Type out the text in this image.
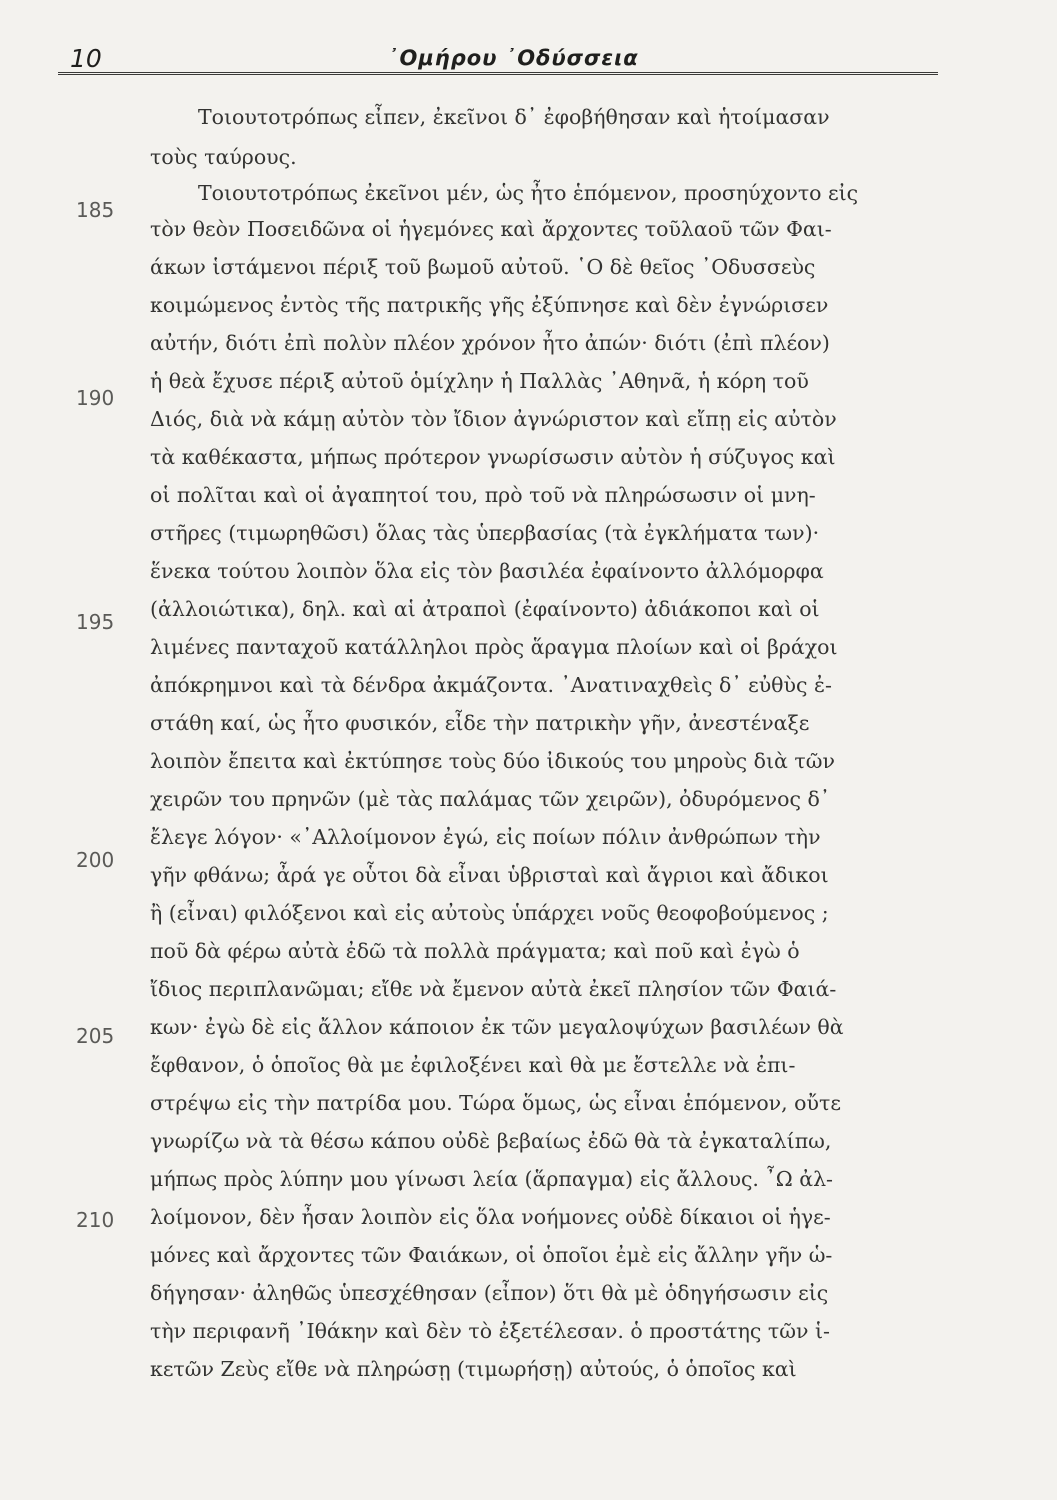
10	᾿Ομήρου ᾿Οδύσσεια
185
190
195
200
205
210
Τοιουτοτρόπως εἶπεν, ἐκεῖνοι δ᾿ ἐφοβήθησαν καὶ ἡτοίμασαν
τοὺς ταύρους.
Τοιουτοτρόπως ἐκεῖνοι μέν, ὡς ἦτο ἑπόμενον, προσηύχοντο εἰς
τὸν θεὸν Ποσειδῶνα οἱ ἡγεμόνες καὶ ἄρχοντες τοῦλαοῦ τῶν Φαι-
άκων ἱστάμενοι πέριξ τοῦ βωμοῦ αὐτοῦ. ῾Ο δὲ θεῖος ᾿Οδυσσεὺς
κοιμώμενος ἐντὸς τῆς πατρικῆς γῆς ἐξύπνησε καὶ δὲν ἐγνώρισεν
αὐτήν, διότι ἐπὶ πολὺν πλέον χρόνον ἦτο ἀπών· διότι (ἐπὶ πλέον)
ἡ θεὰ ἔχυσε πέριξ αὐτοῦ ὁμίχλην ἡ Παλλὰς ᾿Αθηνᾶ, ἡ κόρη τοῦ
Διός, διὰ νὰ κάμῃ αὐτὸν τὸν ἴδιον ἀγνώριστον καὶ εἴπῃ εἰς αὐτὸν
τὰ καθέκαστα, μήπως πρότερον γνωρίσωσιν αὐτὸν ἡ σύζυγος καὶ
οἱ πολῖται καὶ οἱ ἀγαπητοί του, πρὸ τοῦ νὰ πληρώσωσιν οἱ μνη-
στῆρες (τιμωρηθῶσι) ὅλας τὰς ὑπερβασίας (τὰ ἐγκλήματα των)·
ἕνεκα τούτου λοιπὸν ὅλα εἰς τὸν βασιλέα ἐφαίνοντο ἀλλόμορφα
(ἀλλοιώτικα), δηλ. καὶ αἱ ἀτραποὶ (ἐφαίνοντο) ἀδιάκοποι καὶ οἱ
λιμένες πανταχοῦ κατάλληλοι πρὸς ἅραγμα πλοίων καὶ οἱ βράχοι
ἀπόκρημνοι καὶ τὰ δένδρα ἀκμάζοντα. ᾿Ανατιναχθεὶς δ᾿ εὐθὺς ἐ-
στάθη καί, ὡς ἦτο φυσικόν, εἶδε τὴν πατρικὴν γῆν, ἀνεστέναξε
λοιπὸν ἔπειτα καὶ ἐκτύπησε τοὺς δύο ἰδικούς του μηροὺς διὰ τῶν
χειρῶν του πρηνῶν (μὲ τὰς παλάμας τῶν χειρῶν), ὀδυρόμενος δ᾿
ἔλεγε λόγον· «᾿Αλλοίμονον ἐγώ, εἰς ποίων πόλιν ἀνθρώπων τὴν
γῆν φθάνω; ἆρά γε οὗτοι δὰ εἶναι ὑβρισταὶ καὶ ἄγριοι καὶ ἄδικοι
ἢ (εἶναι) φιλόξενοι καὶ εἰς αὐτοὺς ὑπάρχει νοῦς θεοφοβούμενος ;
ποῦ δὰ φέρω αὐτὰ ἐδῶ τὰ πολλὰ πράγματα; καὶ ποῦ καὶ ἐγὼ ὁ
ἴδιος περιπλανῶμαι; εἴθε νὰ ἔμενον αὐτὰ ἐκεῖ πλησίον τῶν Φαιά-
κων· ἐγὼ δὲ εἰς ἄλλον κάποιον ἐκ τῶν μεγαλοψύχων βασιλέων θὰ
ἔφθανον, ὁ ὁποῖος θὰ με ἐφιλοξένει καὶ θὰ με ἔστελλε νὰ ἐπι-
στρέψω εἰς τὴν πατρίδα μου. Τώρα ὅμως, ὡς εἶναι ἑπόμενον, οὔτε
γνωρίζω νὰ τὰ θέσω κάπου οὐδὲ βεβαίως ἐδῶ θὰ τὰ ἐγκαταλίπω,
μήπως πρὸς λύπην μου γίνωσι λεία (ἅρπαγμα) εἰς ἄλλους. ῏Ω ἀλ-
λοίμονον, δὲν ἦσαν λοιπὸν εἰς ὅλα νοήμονες οὐδὲ δίκαιοι οἱ ἡγε-
μόνες καὶ ἄρχοντες τῶν Φαιάκων, οἱ ὁποῖοι ἐμὲ εἰς ἄλλην γῆν ὡ-
δήγησαν· ἀληθῶς ὑπεσχέθησαν (εἶπον) ὅτι θὰ μὲ ὁδηγήσωσιν εἰς
τὴν περιφανῆ ᾿Ιθάκην καὶ δὲν τὸ ἐξετέλεσαν. ὁ προστάτης τῶν ἱ-
κετῶν Ζεὺς εἴθε νὰ πληρώσῃ (τιμωρήσῃ) αὐτούς, ὁ ὁποῖος καὶ
